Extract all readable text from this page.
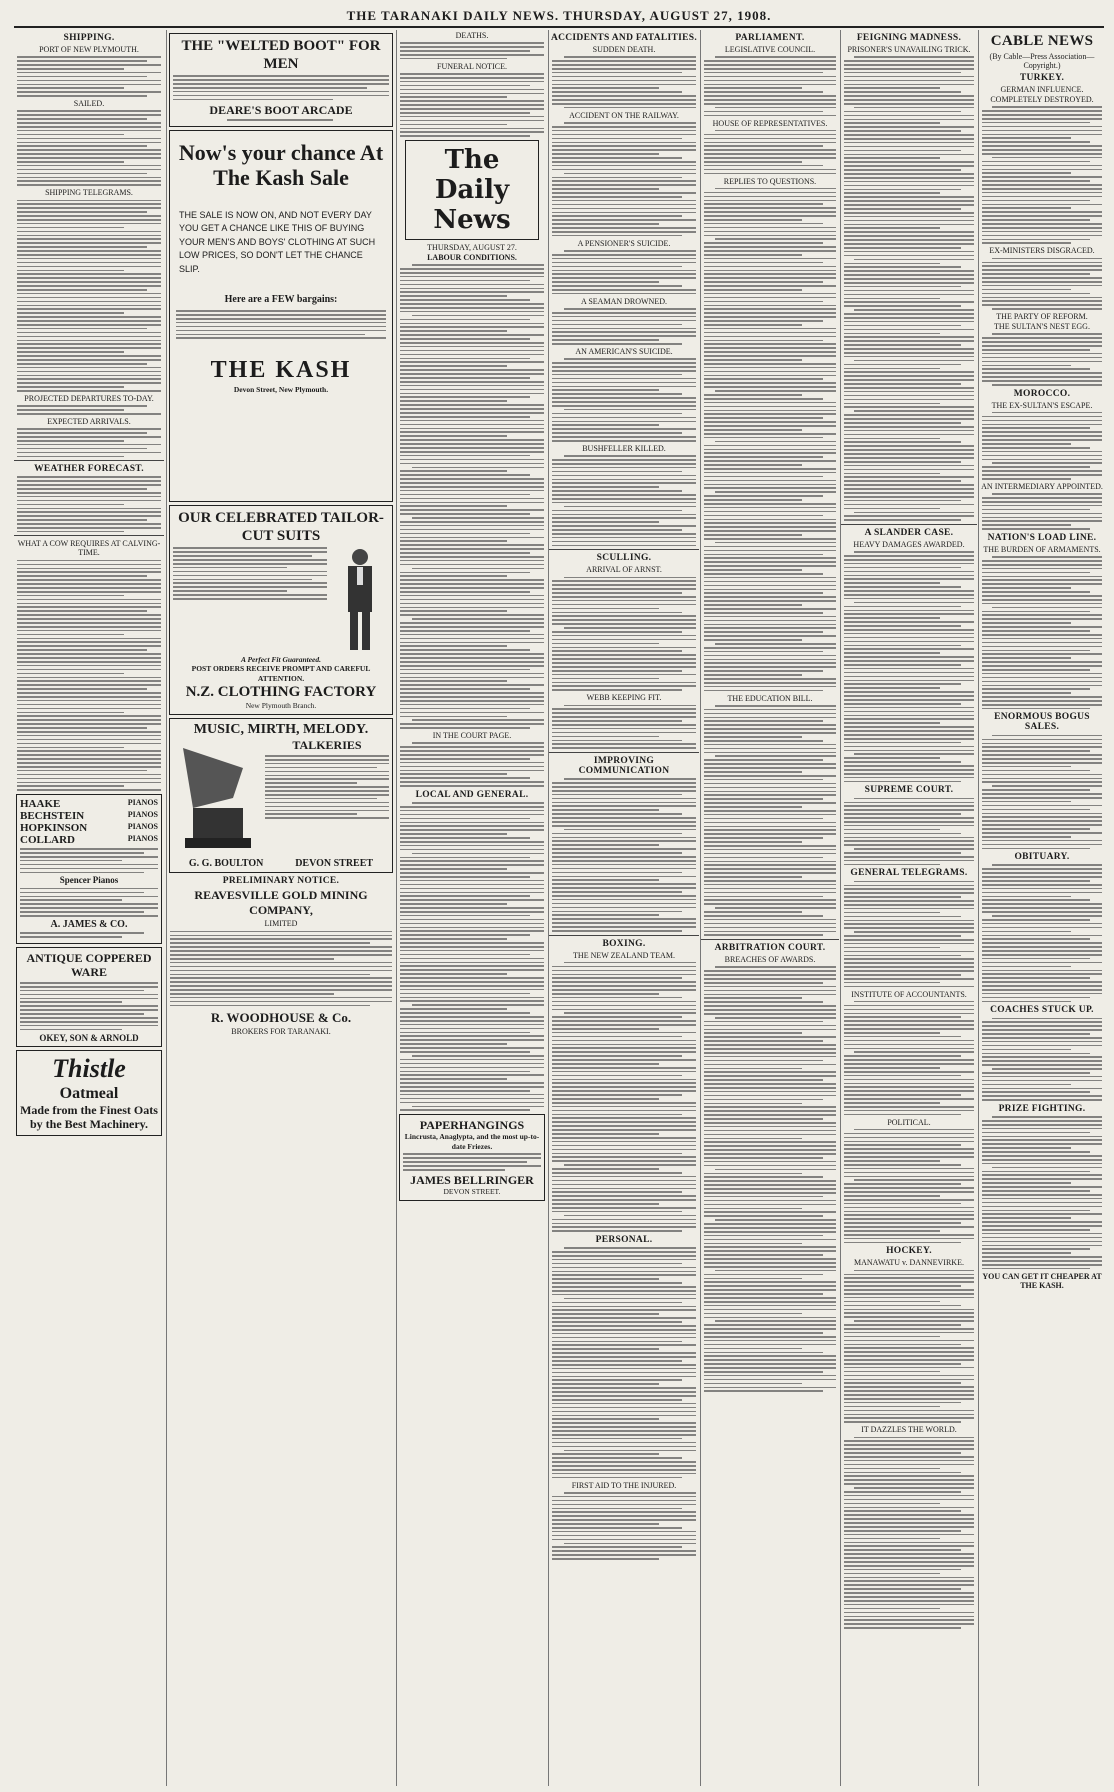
THE TARANAKI DAILY NEWS. THURSDAY, AUGUST 27, 1908.
SHIPPING.
PORT OF NEW PLYMOUTH.
SAILED.
SHIPPING TELEGRAMS.
PROJECTED DEPARTURES TO-DAY.
EXPECTED ARRIVALS.
WEATHER FORECAST.
WHAT A COW REQUIRES AT CALVING-TIME.
HAAKE	PIANOS
BECHSTEIN	PIANOS
HOPKINSON	PIANOS
COLLARD	PIANOS
Spencer Pianos
A. JAMES & CO.
ANTIQUE COPPERED WARE
OKEY, SON & ARNOLD
Thistle
Oatmeal
Made from the Finest Oats by the Best Machinery.
THE "WELTED BOOT" FOR MEN
DEARE'S BOOT ARCADE
Now's your chance At The Kash Sale
THE SALE IS NOW ON, AND NOT EVERY DAY YOU GET A CHANCE LIKE THIS OF BUYING YOUR MEN'S AND BOYS' CLOTHING AT SUCH LOW PRICES, SO DON'T LET THE CHANCE SLIP.
Here are a FEW bargains:
THE KASH
Devon Street, New Plymouth.
OUR CELEBRATED TAILOR-CUT SUITS
A Perfect Fit Guaranteed.
POST ORDERS RECEIVE PROMPT AND CAREFUL ATTENTION.
N.Z. CLOTHING FACTORY
New Plymouth Branch.
MUSIC, MIRTH, MELODY.
TALKERIES
G. G. BOULTON	DEVON STREET
PRELIMINARY NOTICE.
REAVESVILLE GOLD MINING COMPANY,
LIMITED
R. WOODHOUSE & Co.
BROKERS FOR TARANAKI.
DEATHS.
FUNERAL NOTICE.
The Daily News
THURSDAY, AUGUST 27.
LABOUR CONDITIONS.
IN THE COURT PAGE.
LOCAL AND GENERAL.
PAPERHANGINGS
Lincrusta, Anaglypta, and the most up-to-date Friezes.
JAMES BELLRINGER
DEVON STREET.
ACCIDENTS AND FATALITIES.
SUDDEN DEATH.
ACCIDENT ON THE RAILWAY.
A PENSIONER'S SUICIDE.
A SEAMAN DROWNED.
AN AMERICAN'S SUICIDE.
BUSHFELLER KILLED.
SCULLING.
ARRIVAL OF ARNST.
WEBB KEEPING FIT.
IMPROVING COMMUNICATION
BOXING.
THE NEW ZEALAND TEAM.
PERSONAL.
FIRST AID TO THE INJURED.
PARLIAMENT.
LEGISLATIVE COUNCIL.
HOUSE OF REPRESENTATIVES.
REPLIES TO QUESTIONS.
THE EDUCATION BILL.
ARBITRATION COURT.
BREACHES OF AWARDS.
FEIGNING MADNESS.
PRISONER'S UNAVAILING TRICK.
A SLANDER CASE.
HEAVY DAMAGES AWARDED.
SUPREME COURT.
GENERAL TELEGRAMS.
INSTITUTE OF ACCOUNTANTS.
POLITICAL.
HOCKEY.
MANAWATU v. DANNEVIRKE.
IT DAZZLES THE WORLD.
CABLE NEWS
(By Cable—Press Association—Copyright.)
TURKEY.
GERMAN INFLUENCE.
COMPLETELY DESTROYED.
EX-MINISTERS DISGRACED.
THE PARTY OF REFORM.
THE SULTAN'S NEST EGG.
MOROCCO.
THE EX-SULTAN'S ESCAPE.
AN INTERMEDIARY APPOINTED.
NATION'S LOAD LINE.
THE BURDEN OF ARMAMENTS.
ENORMOUS BOGUS SALES.
OBITUARY.
COACHES STUCK UP.
PRIZE FIGHTING.
YOU CAN GET IT CHEAPER AT THE KASH.
